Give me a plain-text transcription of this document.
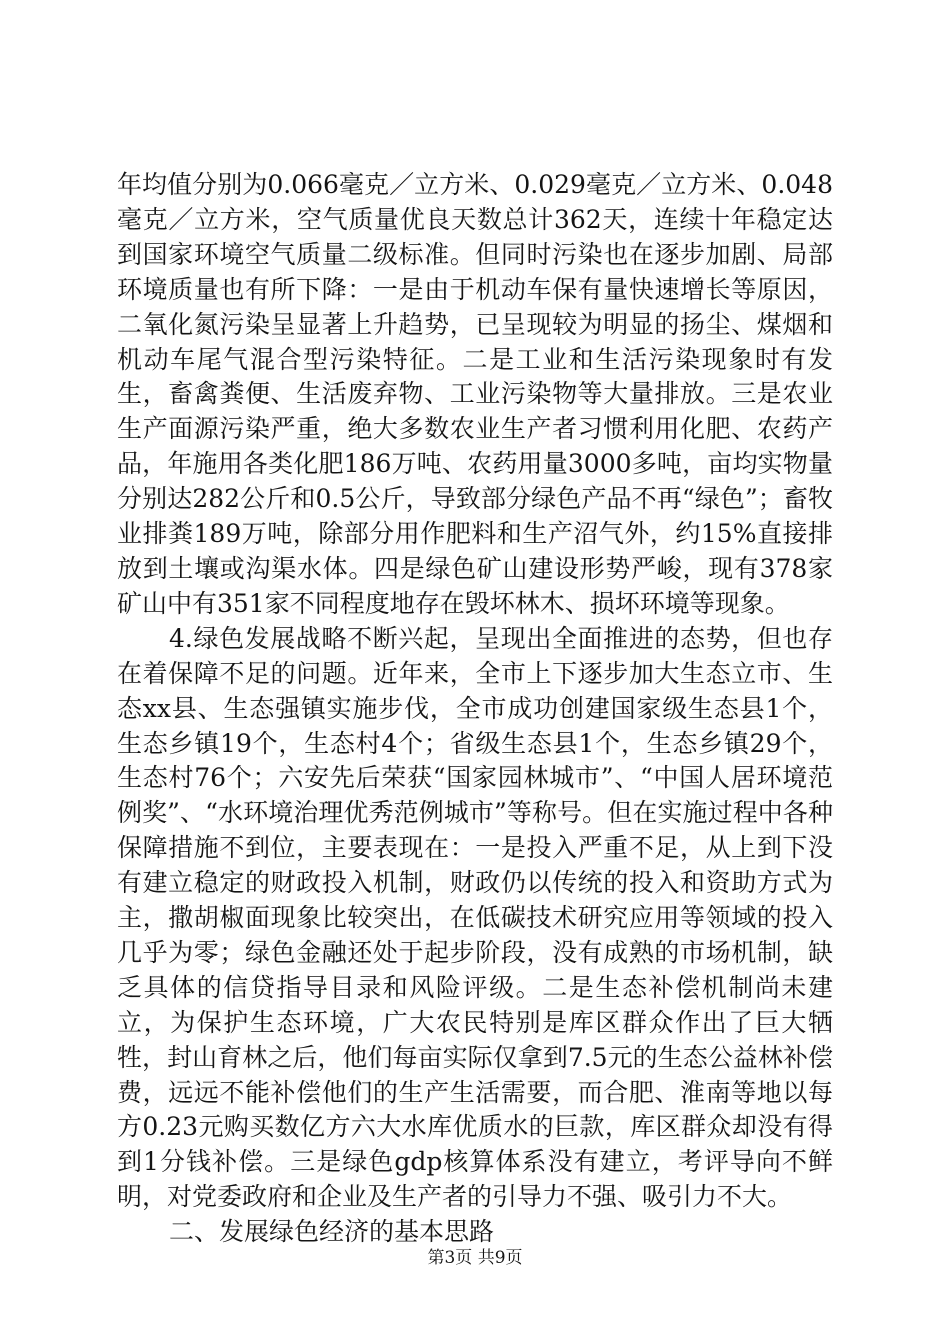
年均值分别为0.066毫克／立方米、0.029毫克／立方米、0.048毫克／立方米，空气质量优良天数总计362天，连续十年稳定达到国家环境空气质量二级标准。但同时污染也在逐步加剧、局部环境质量也有所下降：一是由于机动车保有量快速增长等原因，二氧化氮污染呈显著上升趋势，已呈现较为明显的扬尘、煤烟和机动车尾气混合型污染特征。二是工业和生活污染现象时有发生，畜禽粪便、生活废弃物、工业污染物等大量排放。三是农业生产面源污染严重，绝大多数农业生产者习惯利用化肥、农药产品，年施用各类化肥186万吨、农药用量3000多吨，亩均实物量分别达282公斤和0.5公斤，导致部分绿色产品不再“绿色”；畜牧业排粪189万吨，除部分用作肥料和生产沼气外，约15%直接排放到土壤或沟渠水体。四是绿色矿山建设形势严峻，现有378家矿山中有351家不同程度地存在毁坏林木、损坏环境等现象。

4.绿色发展战略不断兴起，呈现出全面推进的态势，但也存在着保障不足的问题。近年来，全市上下逐步加大生态立市、生态xx县、生态强镇实施步伐，全市成功创建国家级生态县1个，生态乡镇19个，生态村4个；省级生态县1个，生态乡镇29个，生态村76个；六安先后荣获“国家园林城市”、“中国人居环境范例奖”、“水环境治理优秀范例城市”等称号。但在实施过程中各种保障措施不到位，主要表现在：一是投入严重不足，从上到下没有建立稳定的财政投入机制，财政仍以传统的投入和资助方式为主，撒胡椒面现象比较突出，在低碳技术研究应用等领域的投入几乎为零；绿色金融还处于起步阶段，没有成熟的市场机制，缺乏具体的信贷指导目录和风险评级。二是生态补偿机制尚未建立，为保护生态环境，广大农民特别是库区群众作出了巨大牺牲，封山育林之后，他们每亩实际仅拿到7.5元的生态公益林补偿费，远远不能补偿他们的生产生活需要，而合肥、淮南等地以每方0.23元购买数亿方六大水库优质水的巨款，库区群众却没有得到1分钱补偿。三是绿色gdp核算体系没有建立，考评导向不鲜明，对党委政府和企业及生产者的引导力不强、吸引力不大。

二、发展绿色经济的基本思路

第3页 共9页
